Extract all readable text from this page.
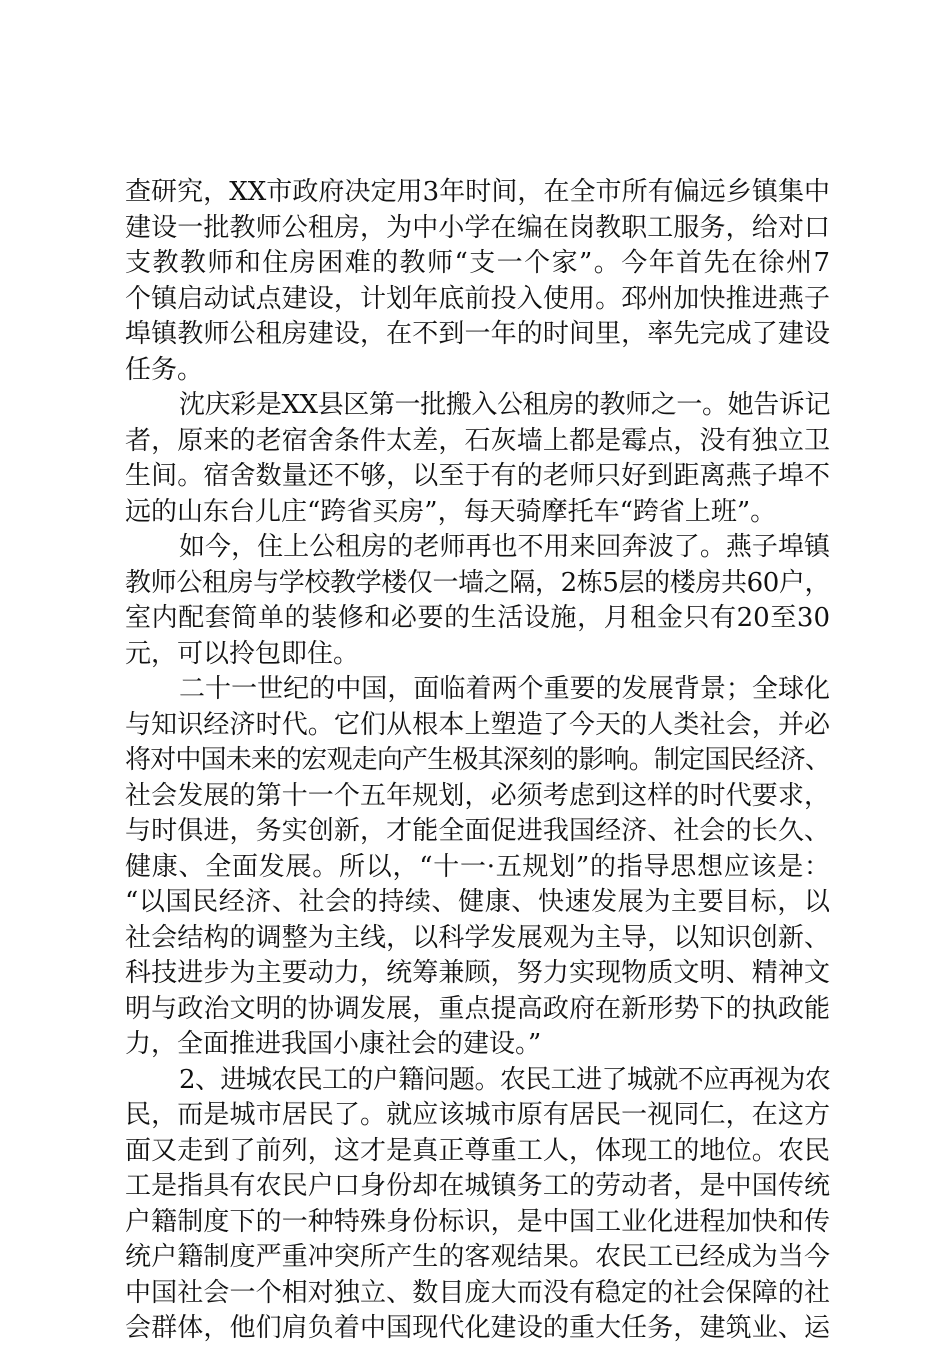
查研究，XX市政府决定用3年时间，在全市所有偏远乡镇集中
建设一批教师公租房，为中小学在编在岗教职工服务，给对口
支教教师和住房困难的教师“支一个家”。今年首先在徐州7
个镇启动试点建设，计划年底前投入使用。邳州加快推进燕子
埠镇教师公租房建设，在不到一年的时间里，率先完成了建设
任务。
沈庆彩是XX县区第一批搬入公租房的教师之一。她告诉记
者，原来的老宿舍条件太差，石灰墙上都是霉点，没有独立卫
生间。宿舍数量还不够，以至于有的老师只好到距离燕子埠不
远的山东台儿庄“跨省买房”，每天骑摩托车“跨省上班”。
如今，住上公租房的老师再也不用来回奔波了。燕子埠镇
教师公租房与学校教学楼仅一墙之隔，2栋5层的楼房共60户，
室内配套简单的装修和必要的生活设施，月租金只有20至30
元，可以拎包即住。
二十一世纪的中国，面临着两个重要的发展背景；全球化
与知识经济时代。它们从根本上塑造了今天的人类社会，并必
将对中国未来的宏观走向产生极其深刻的影响。制定国民经济、
社会发展的第十一个五年规划，必须考虑到这样的时代要求，
与时俱进，务实创新，才能全面促进我国经济、社会的长久、
健康、全面发展。所以，“十一·五规划”的指导思想应该是：
“以国民经济、社会的持续、健康、快速发展为主要目标，以
社会结构的调整为主线，以科学发展观为主导，以知识创新、
科技进步为主要动力，统筹兼顾，努力实现物质文明、精神文
明与政治文明的协调发展，重点提高政府在新形势下的执政能
力，全面推进我国小康社会的建设。”
2、进城农民工的户籍问题。农民工进了城就不应再视为农
民，而是城市居民了。就应该城市原有居民一视同仁，在这方
面又走到了前列，这才是真正尊重工人，体现工的地位。农民
工是指具有农民户口身份却在城镇务工的劳动者，是中国传统
户籍制度下的一种特殊身份标识，是中国工业化进程加快和传
统户籍制度严重冲突所产生的客观结果。农民工已经成为当今
中国社会一个相对独立、数目庞大而没有稳定的社会保障的社
会群体，他们肩负着中国现代化建设的重大任务，建筑业、运
